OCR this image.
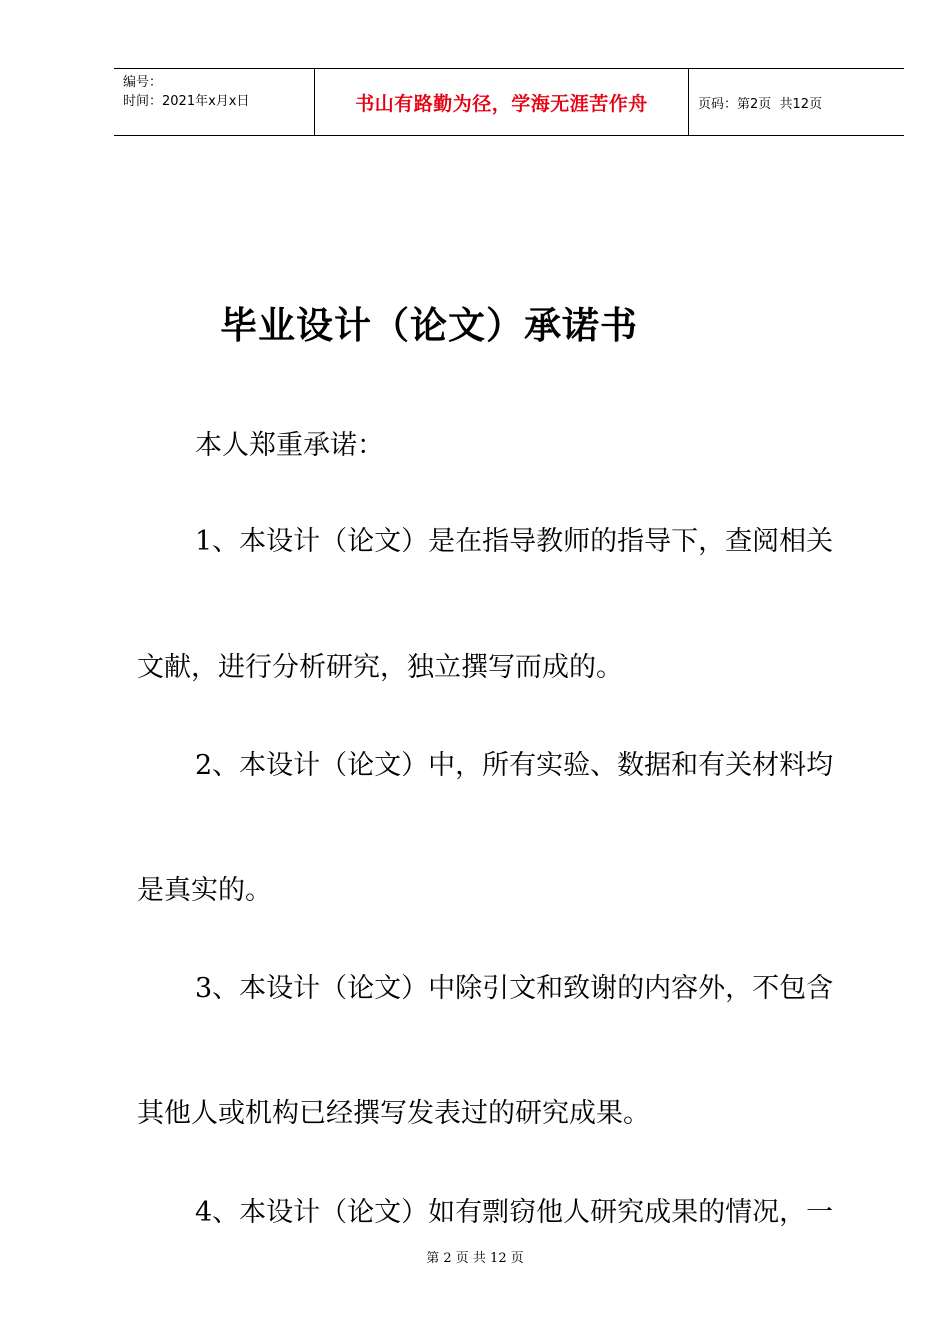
编号：
时间：2021年x月x日	书山有路勤为径，学海无涯苦作舟	页码：第2页  共12页
毕业设计（论文）承诺书
本人郑重承诺：
1、本设计（论文）是在指导教师的指导下，查阅相关
文献，进行分析研究，独立撰写而成的。
2、本设计（论文）中，所有实验、数据和有关材料均
是真实的。
3、本设计（论文）中除引文和致谢的内容外，不包含
其他人或机构已经撰写发表过的研究成果。
4、本设计（论文）如有剽窃他人研究成果的情况，一
第 2 页 共 12 页
